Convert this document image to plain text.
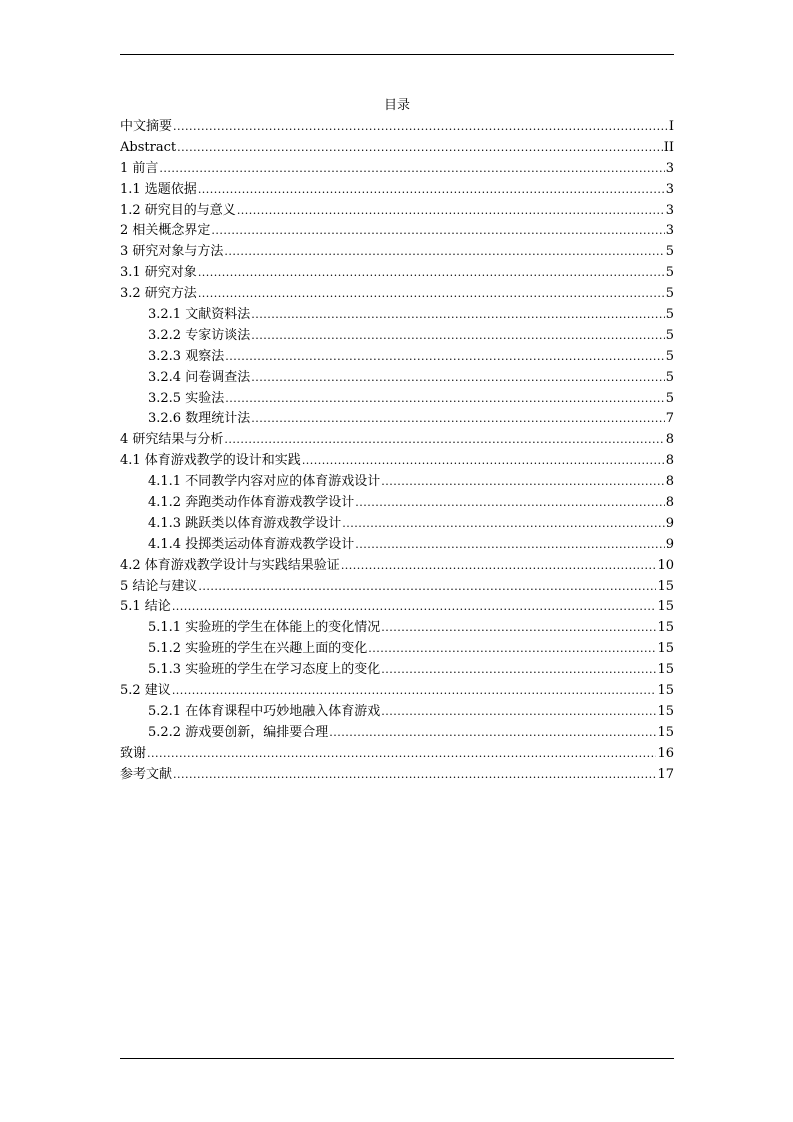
目录
中文摘要 .....	I
Abstract .....	II
1 前言 .....	3
1.1 选题依据 .....	3
1.2 研究目的与意义 .....	3
2 相关概念界定 .....	3
3 研究对象与方法 .....	5
3.1 研究对象 .....	5
3.2 研究方法 .....	5
3.2.1 文献资料法 .....	5
3.2.2 专家访谈法 .....	5
3.2.3 观察法 .....	5
3.2.4 问卷调查法 .....	5
3.2.5 实验法 .....	5
3.2.6 数理统计法 .....	7
4 研究结果与分析 .....	8
4.1 体育游戏教学的设计和实践 .....	8
4.1.1 不同教学内容对应的体育游戏设计 .....	8
4.1.2 奔跑类动作体育游戏教学设计 .....	8
4.1.3 跳跃类以体育游戏教学设计 .....	9
4.1.4 投掷类运动体育游戏教学设计 .....	9
4.2 体育游戏教学设计与实践结果验证 .....	10
5 结论与建议 .....	15
5.1 结论 .....	15
5.1.1 实验班的学生在体能上的变化情况 .....	15
5.1.2 实验班的学生在兴趣上面的变化 .....	15
5.1.3 实验班的学生在学习态度上的变化 .....	15
5.2 建议 .....	15
5.2.1 在体育课程中巧妙地融入体育游戏 .....	15
5.2.2 游戏要创新，编排要合理 .....	15
致谢 .....	16
参考文献 .....	17
